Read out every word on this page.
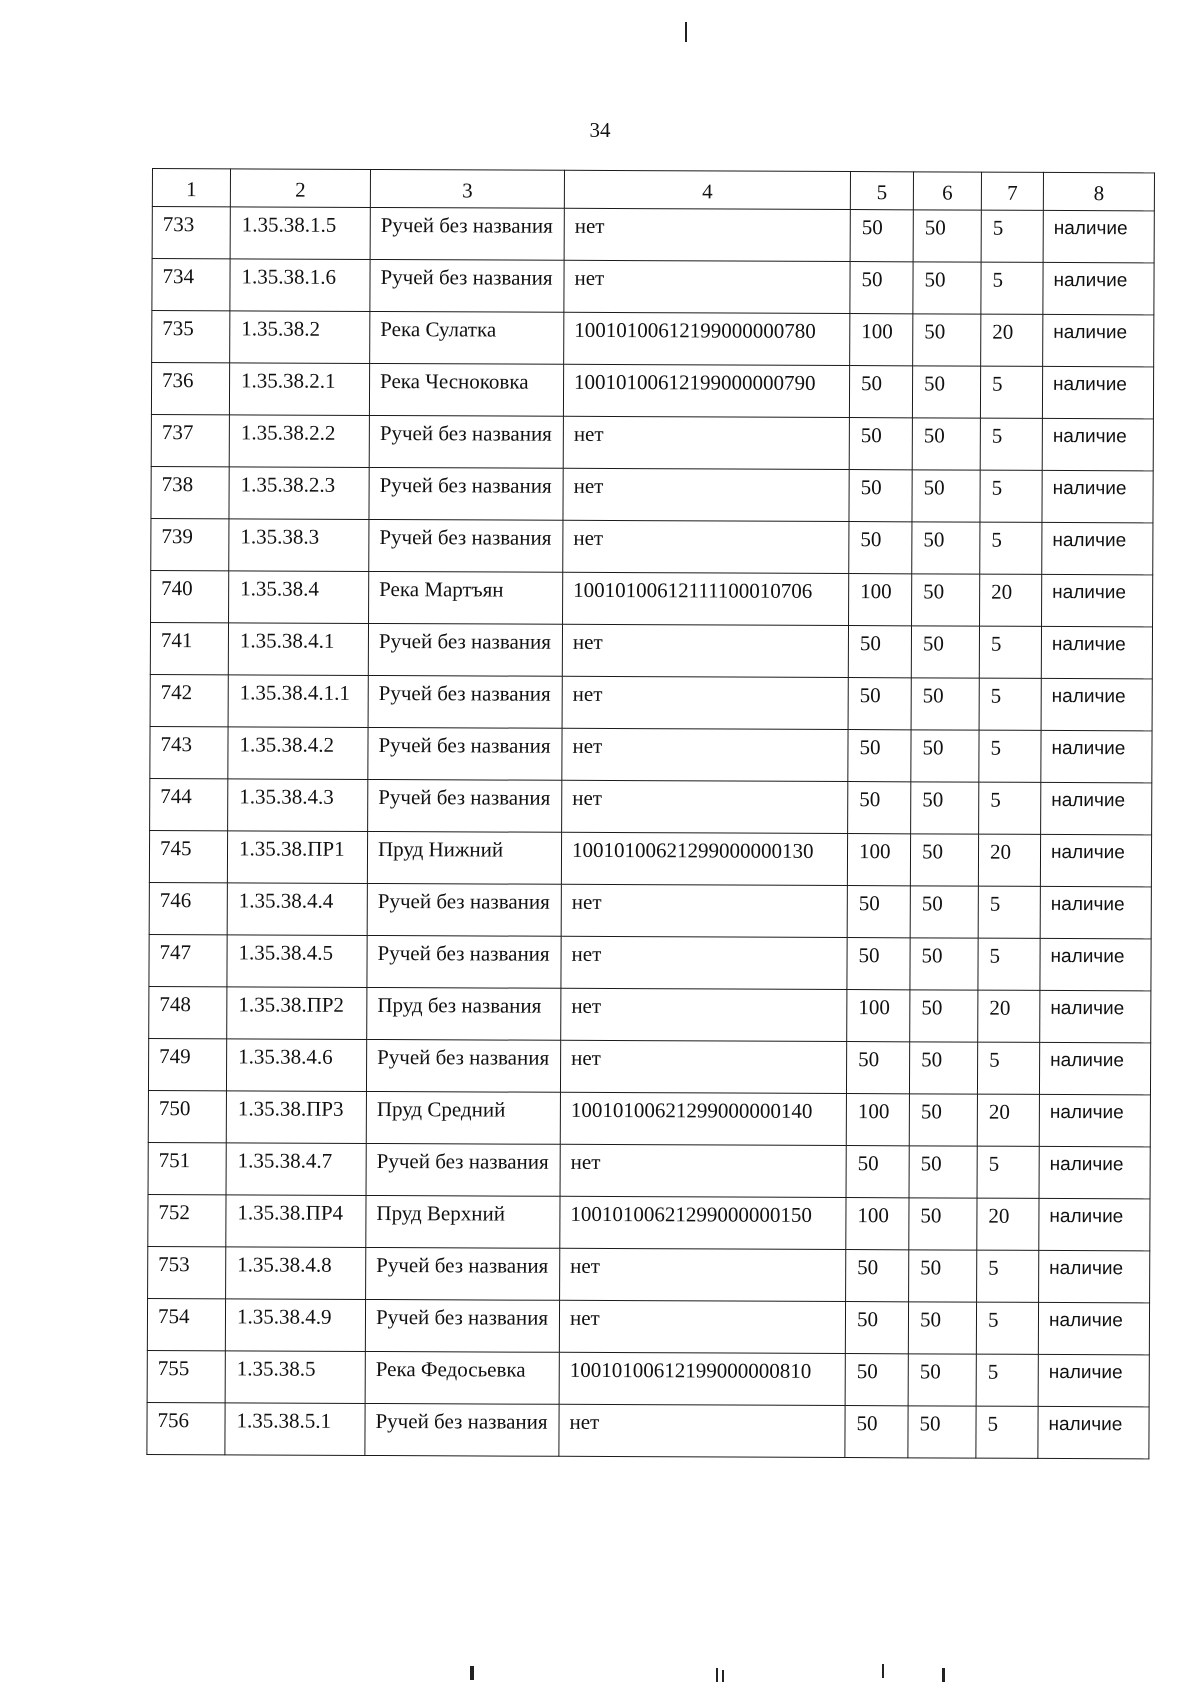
34
1	2	3	4	5	6	7	8
733	1.35.38.1.5	Ручей без названия	нет	50	50	5	наличие
734	1.35.38.1.6	Ручей без названия	нет	50	50	5	наличие
735	1.35.38.2	Река Сулатка	10010100612199000000780	100	50	20	наличие
736	1.35.38.2.1	Река Чесноковка	10010100612199000000790	50	50	5	наличие
737	1.35.38.2.2	Ручей без названия	нет	50	50	5	наличие
738	1.35.38.2.3	Ручей без названия	нет	50	50	5	наличие
739	1.35.38.3	Ручей без названия	нет	50	50	5	наличие
740	1.35.38.4	Река Мартъян	10010100612111100010706	100	50	20	наличие
741	1.35.38.4.1	Ручей без названия	нет	50	50	5	наличие
742	1.35.38.4.1.1	Ручей без названия	нет	50	50	5	наличие
743	1.35.38.4.2	Ручей без названия	нет	50	50	5	наличие
744	1.35.38.4.3	Ручей без названия	нет	50	50	5	наличие
745	1.35.38.ПР1	Пруд Нижний	10010100621299000000130	100	50	20	наличие
746	1.35.38.4.4	Ручей без названия	нет	50	50	5	наличие
747	1.35.38.4.5	Ручей без названия	нет	50	50	5	наличие
748	1.35.38.ПР2	Пруд без названия	нет	100	50	20	наличие
749	1.35.38.4.6	Ручей без названия	нет	50	50	5	наличие
750	1.35.38.ПР3	Пруд Средний	10010100621299000000140	100	50	20	наличие
751	1.35.38.4.7	Ручей без названия	нет	50	50	5	наличие
752	1.35.38.ПР4	Пруд Верхний	10010100621299000000150	100	50	20	наличие
753	1.35.38.4.8	Ручей без названия	нет	50	50	5	наличие
754	1.35.38.4.9	Ручей без названия	нет	50	50	5	наличие
755	1.35.38.5	Река Федосьевка	10010100612199000000810	50	50	5	наличие
756	1.35.38.5.1	Ручей без названия	нет	50	50	5	наличие
